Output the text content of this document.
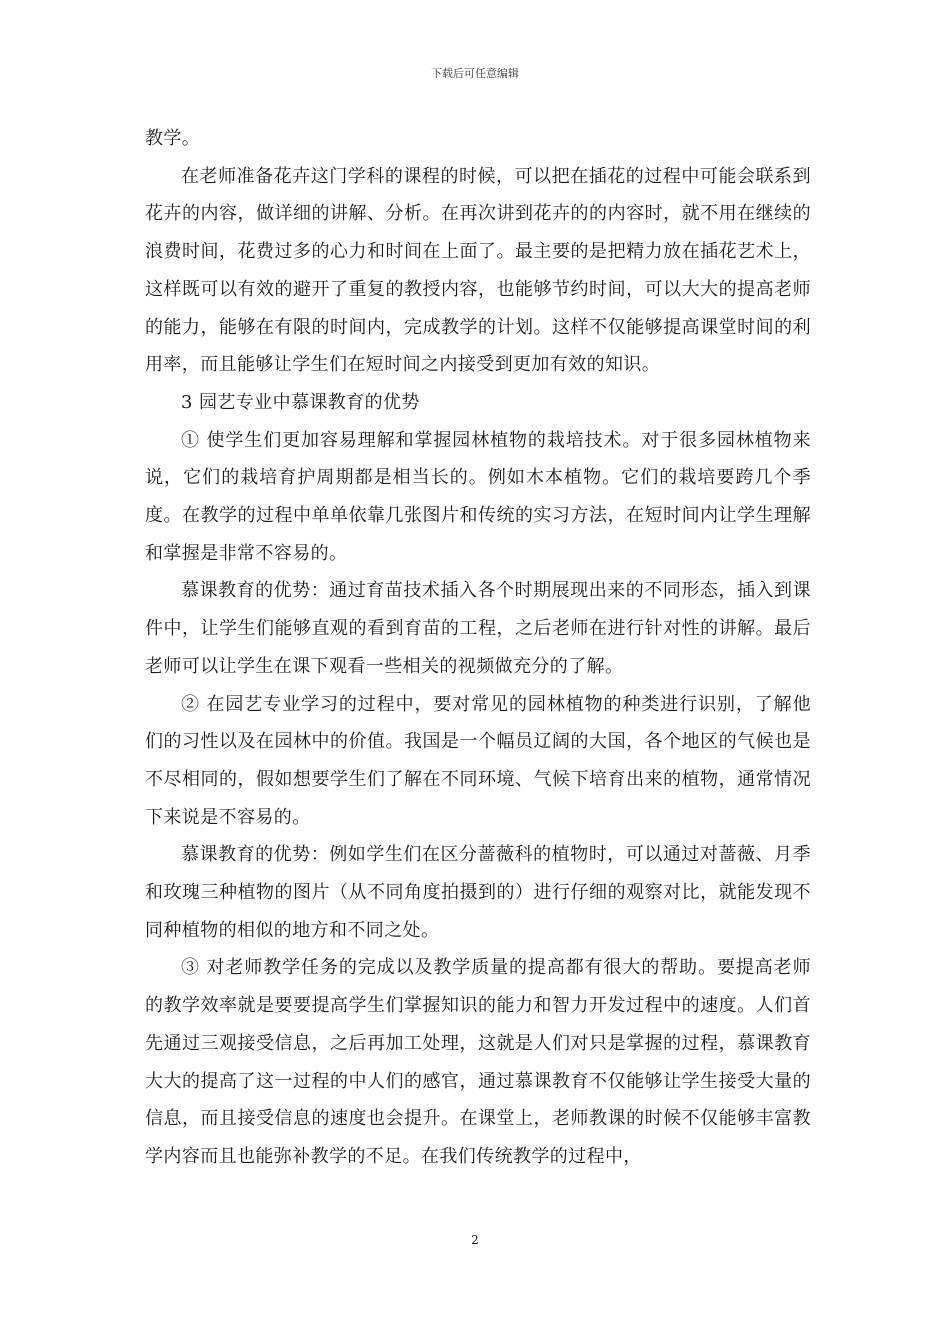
下载后可任意编辑

教学。

在老师准备花卉这门学科的课程的时候，可以把在插花的过程中可能会联系到花卉的内容，做详细的讲解、分析。在再次讲到花卉的的内容时，就不用在继续的浪费时间，花费过多的心力和时间在上面了。最主要的是把精力放在插花艺术上，这样既可以有效的避开了重复的教授内容，也能够节约时间，可以大大的提高老师的能力，能够在有限的时间内，完成教学的计划。这样不仅能够提高课堂时间的利用率，而且能够让学生们在短时间之内接受到更加有效的知识。

3 园艺专业中慕课教育的优势

① 使学生们更加容易理解和掌握园林植物的栽培技术。对于很多园林植物来说，它们的栽培育护周期都是相当长的。例如木本植物。它们的栽培要跨几个季度。在教学的过程中单单依靠几张图片和传统的实习方法，在短时间内让学生理解和掌握是非常不容易的。

慕课教育的优势：通过育苗技术插入各个时期展现出来的不同形态，插入到课件中，让学生们能够直观的看到育苗的工程，之后老师在进行针对性的讲解。最后老师可以让学生在课下观看一些相关的视频做充分的了解。

② 在园艺专业学习的过程中，要对常见的园林植物的种类进行识别，了解他们的习性以及在园林中的价值。我国是一个幅员辽阔的大国，各个地区的气候也是不尽相同的，假如想要学生们了解在不同环境、气候下培育出来的植物，通常情况下来说是不容易的。

慕课教育的优势：例如学生们在区分蔷薇科的植物时，可以通过对蔷薇、月季和玫瑰三种植物的图片（从不同角度拍摄到的）进行仔细的观察对比，就能发现不同种植物的相似的地方和不同之处。

③ 对老师教学任务的完成以及教学质量的提高都有很大的帮助。要提高老师的教学效率就是要要提高学生们掌握知识的能力和智力开发过程中的速度。人们首先通过三观接受信息，之后再加工处理，这就是人们对只是掌握的过程，慕课教育大大的提高了这一过程的中人们的感官，通过慕课教育不仅能够让学生接受大量的信息，而且接受信息的速度也会提升。在课堂上，老师教课的时候不仅能够丰富教学内容而且也能弥补教学的不足。在我们传统教学的过程中，

2
